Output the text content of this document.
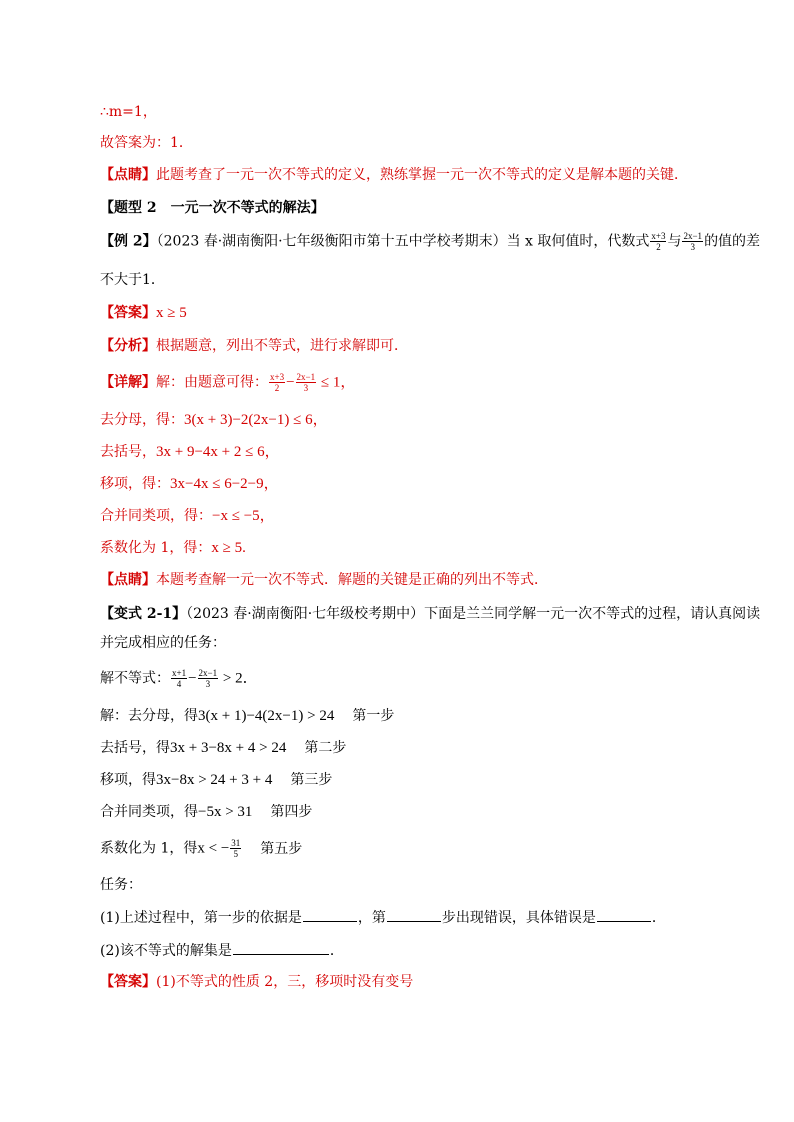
∴m=1，
故答案为：1．
【点睛】此题考查了一元一次不等式的定义，熟练掌握一元一次不等式的定义是解本题的关键．
【题型 2　一元一次不等式的解法】
【例 2】（2023 春·湖南衡阳·七年级衡阳市第十五中学校考期末）当 x 取何值时，代数式 $\frac{x+3}{2}$ 与 $\frac{2x-1}{3}$ 的值的差
不大于1．
【答案】x ≥ 5
【分析】根据题意，列出不等式，进行求解即可．
【详解】解：由题意可得： $\frac{x+3}{2} - \frac{2x-1}{3} \le 1$，
去分母，得：3(x + 3)−2(2x−1) ≤ 6，
去括号，3x + 9−4x + 2 ≤ 6，
移项，得：3x−4x ≤ 6−2−9，
合并同类项，得：−x ≤ −5，
系数化为 1，得：x ≥ 5.
【点睛】本题考查解一元一次不等式．解题的关键是正确的列出不等式．
【变式 2-1】（2023 春·湖南衡阳·七年级校考期中）下面是兰兰同学解一元一次不等式的过程，请认真阅读
并完成相应的任务：
解不等式： $\frac{x+1}{4} - \frac{2x-1}{3} > 2$．
解：去分母，得3(x + 1)−4(2x−1) > 24 第一步
去括号，得3x + 3−8x + 4 > 24 第二步
移项，得3x−8x > 24 + 3 + 4 第三步
合并同类项，得−5x > 31 第四步
系数化为 1，得x < − $\frac{31}{5}$ 第五步
任务：
(1)上述过程中，第一步的依据是	，第	步出现错误，具体错误是	．
(2)该不等式的解集是	．
【答案】(1)不等式的性质 2，三，移项时没有变号
